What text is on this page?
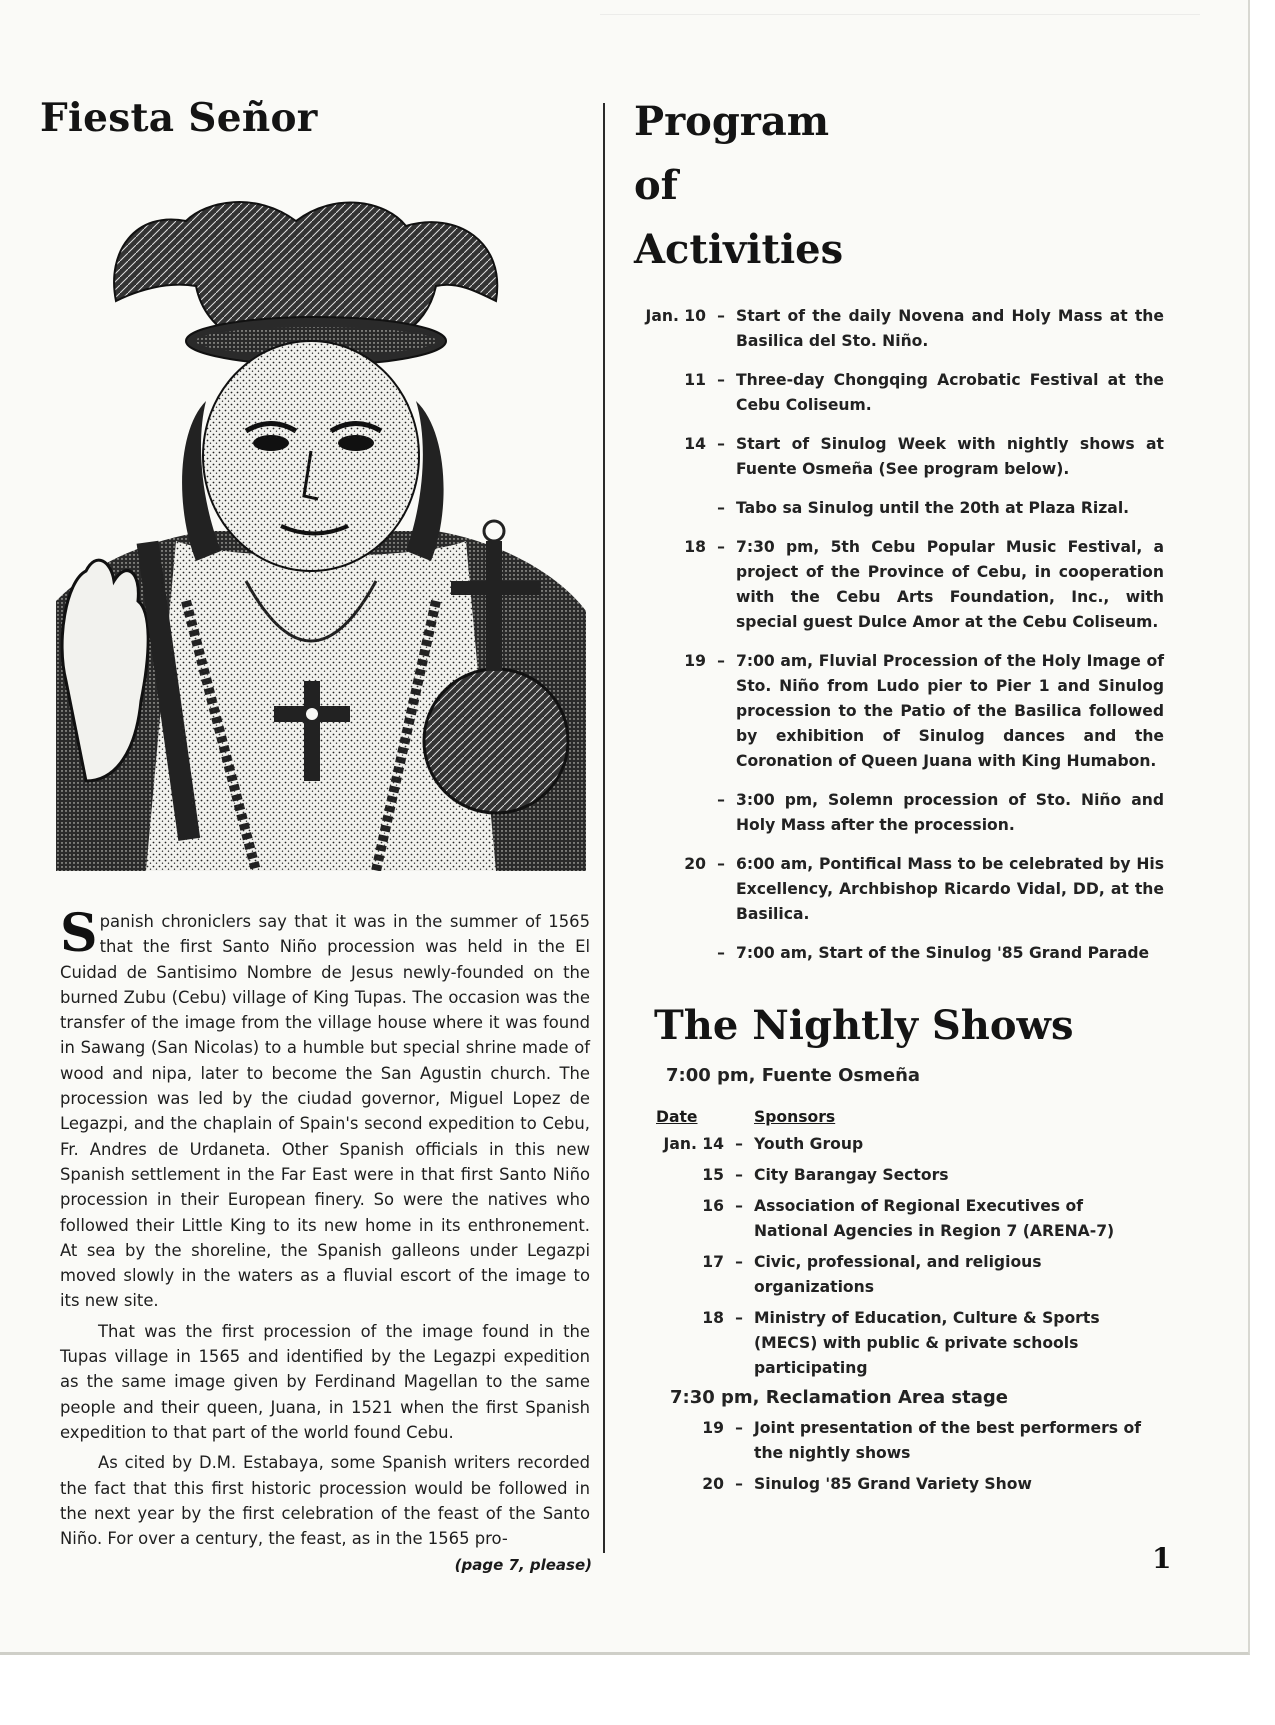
Fiesta Señor

Spanish chroniclers say that it was in the summer of 1565 that the first Santo Niño procession was held in the El Cuidad de Santisimo Nombre de Jesus newly-founded on the burned Zubu (Cebu) village of King Tupas. The occasion was the transfer of the image from the village house where it was found in Sawang (San Nicolas) to a humble but special shrine made of wood and nipa, later to become the San Agustin church. The procession was led by the ciudad governor, Miguel Lopez de Legazpi, and the chaplain of Spain's second expedition to Cebu, Fr. Andres de Urdaneta. Other Spanish officials in this new Spanish settlement in the Far East were in that first Santo Niño procession in their European finery. So were the natives who followed their Little King to its new home in its enthronement. At sea by the shoreline, the Spanish galleons under Legazpi moved slowly in the waters as a fluvial escort of the image to its new site.

That was the first procession of the image found in the Tupas village in 1565 and identified by the Legazpi expedition as the same image given by Ferdinand Magellan to the same people and their queen, Juana, in 1521 when the first Spanish expedition to that part of the world found Cebu.

As cited by D.M. Estabaya, some Spanish writers recorded the fact that this first historic procession would be followed in the next year by the first celebration of the feast of the Santo Niño. For over a century, the feast, as in the 1565 pro-

(page 7, please)
Program
of
Activities
Jan. 10 – Start of the daily Novena and Holy Mass at the Basilica del Sto. Niño.
11 – Three-day Chongqing Acrobatic Festival at the Cebu Coliseum.
14 – Start of Sinulog Week with nightly shows at Fuente Osmeña (See program below).
– Tabo sa Sinulog until the 20th at Plaza Rizal.
18 – 7:30 pm, 5th Cebu Popular Music Festival, a project of the Province of Cebu, in cooperation with the Cebu Arts Foundation, Inc., with special guest Dulce Amor at the Cebu Coliseum.
19 – 7:00 am, Fluvial Procession of the Holy Image of Sto. Niño from Ludo pier to Pier 1 and Sinulog procession to the Patio of the Basilica followed by exhibition of Sinulog dances and the Coronation of Queen Juana with King Humabon.
– 3:00 pm, Solemn procession of Sto. Niño and Holy Mass after the procession.
20 – 6:00 am, Pontifical Mass to be celebrated by His Excellency, Archbishop Ricardo Vidal, DD, at the Basilica.
– 7:00 am, Start of the Sinulog '85 Grand Parade
The Nightly Shows
7:00 pm, Fuente Osmeña
Date	Sponsors
Jan. 14 – Youth Group
15 – City Barangay Sectors
16 – Association of Regional Executives of National Agencies in Region 7 (ARENA-7)
17 – Civic, professional, and religious organizations
18 – Ministry of Education, Culture & Sports (MECS) with public & private schools participating
7:30 pm, Reclamation Area stage
19 – Joint presentation of the best performers of the nightly shows
20 – Sinulog '85 Grand Variety Show
1
